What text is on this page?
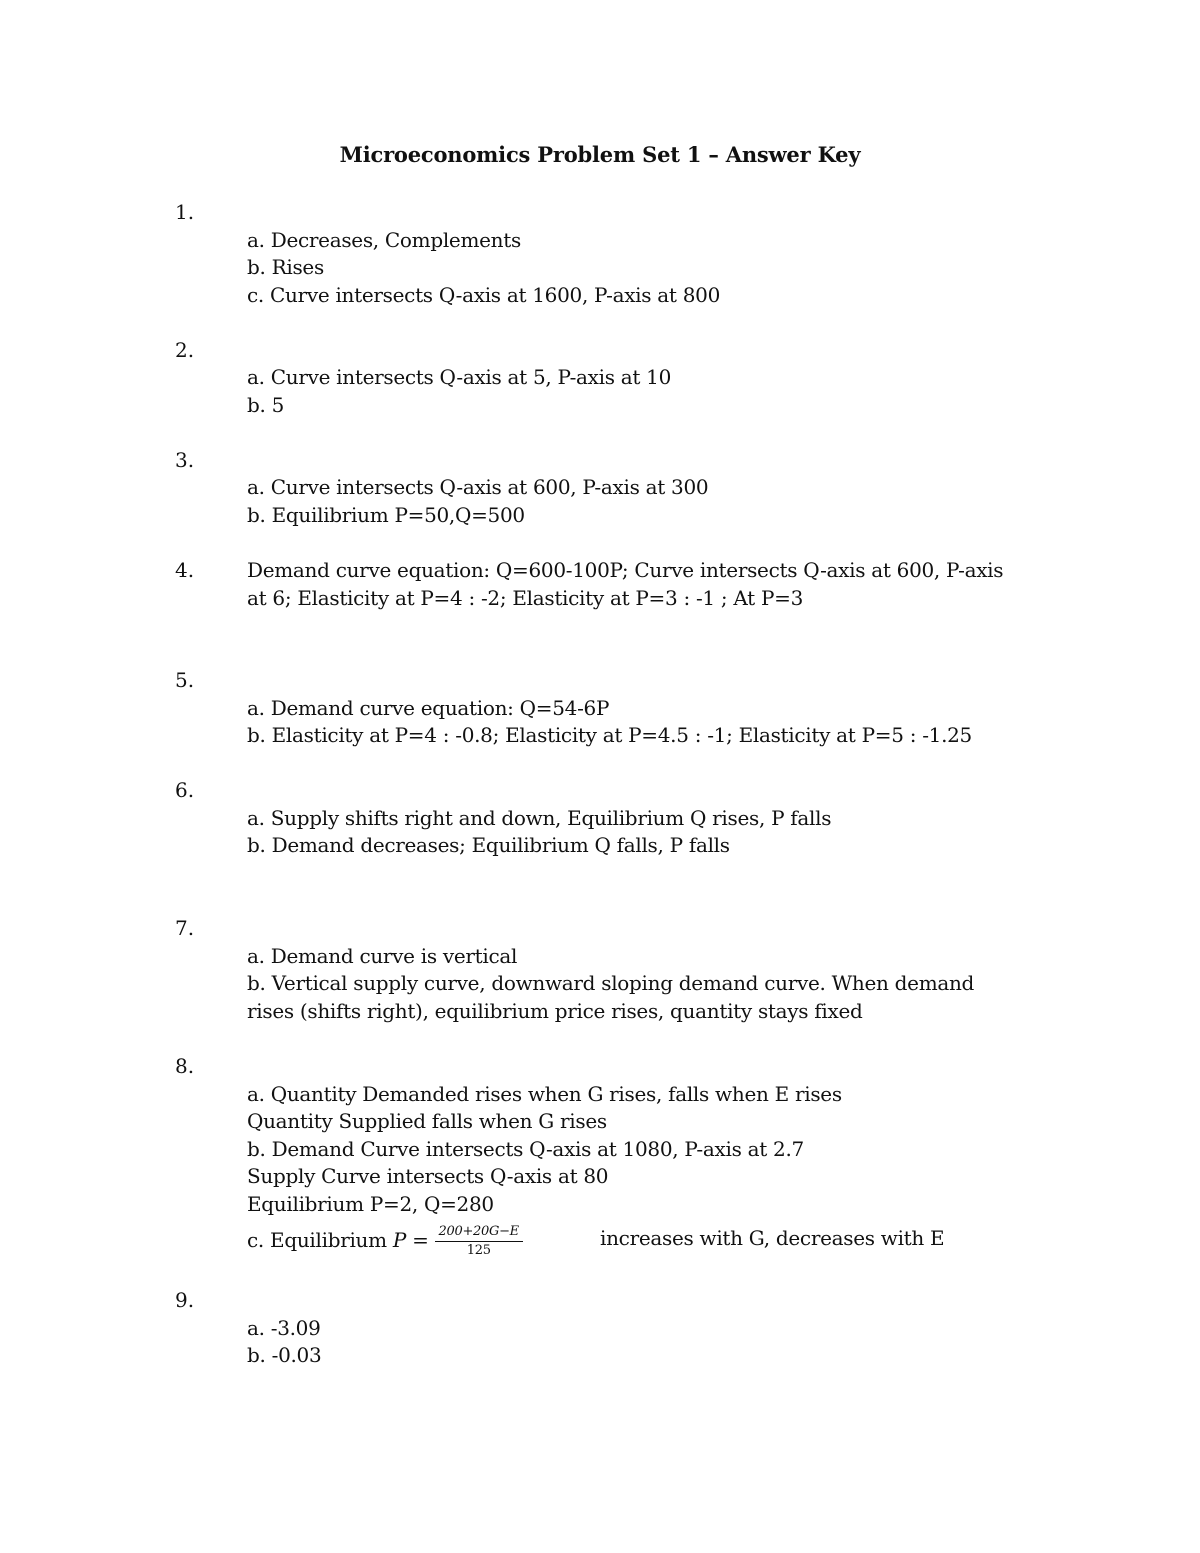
Microeconomics Problem Set 1 – Answer Key
1.
a. Decreases, Complements
b. Rises
c. Curve intersects Q-axis at 1600, P-axis at 800
2.
a. Curve intersects Q-axis at 5, P-axis at 10
b. 5
3.
a. Curve intersects Q-axis at 600, P-axis at 300
b. Equilibrium P=50,Q=500
4.	Demand curve equation: Q=600-100P; Curve intersects Q-axis at 600, P-axis
at 6; Elasticity at P=4 : -2; Elasticity at P=3 : -1 ; At P=3
5.
a. Demand curve equation: Q=54-6P
b. Elasticity at P=4 : -0.8; Elasticity at P=4.5 : -1; Elasticity at P=5 : -1.25
6.
a. Supply shifts right and down, Equilibrium Q rises, P falls
b. Demand decreases; Equilibrium Q falls, P falls
7.
a. Demand curve is vertical
b. Vertical supply curve, downward sloping demand curve. When demand
rises (shifts right), equilibrium price rises, quantity stays fixed
8.
a. Quantity Demanded rises when G rises, falls when E rises
Quantity Supplied falls when G rises
b. Demand Curve intersects Q-axis at 1080, P-axis at 2.7
Supply Curve intersects Q-axis at 80
Equilibrium P=2, Q=280
c. Equilibrium $P = \frac{200+20G-E}{125}$	increases with G, decreases with E
9.
a. -3.09
b. -0.03
